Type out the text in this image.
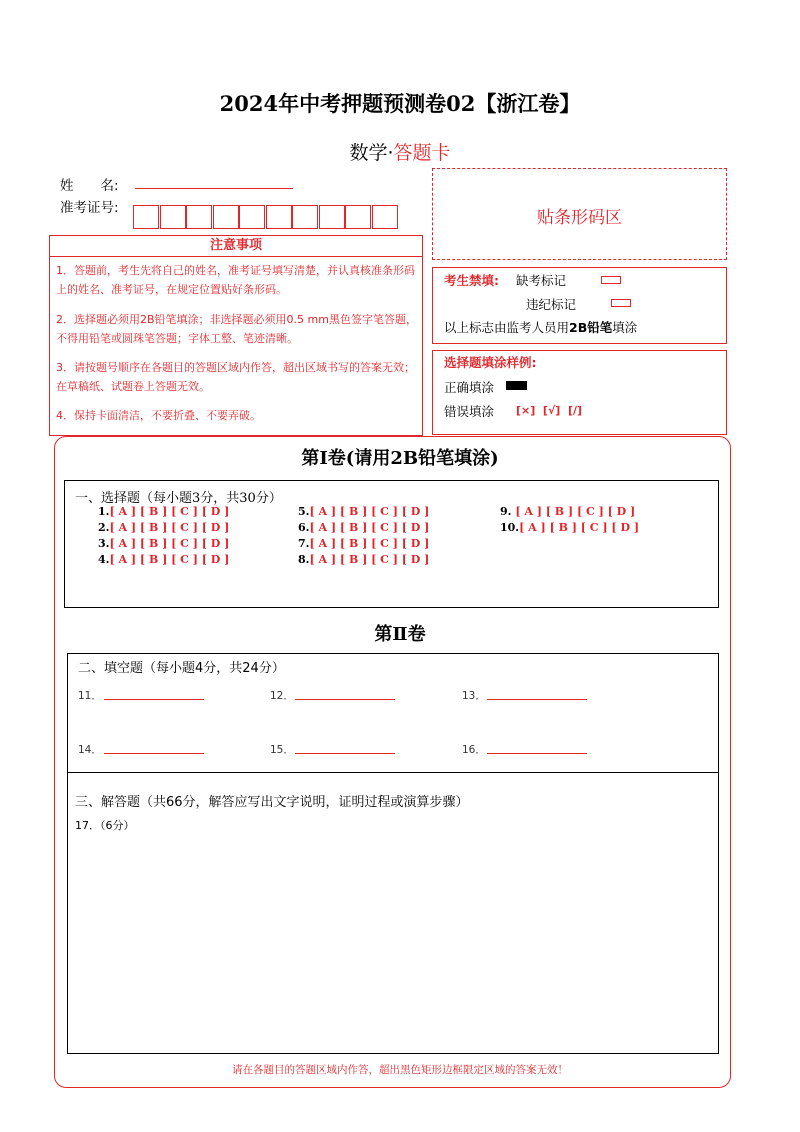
2024年中考押题预测卷02【浙江卷】
数学·答题卡
姓　　名:
准考证号:	贴条形码区
注意事项
1．答题前，考生先将自己的姓名，准考证号填写清楚，并认真核准条形码上的姓名、准考证号，在规定位置贴好条形码。
2．选择题必须用2B铅笔填涂；非选择题必须用0.5 mm黑色签字笔答题，不得用铅笔或圆珠笔答题；字体工整、笔迹清晰。
3．请按题号顺序在各题目的答题区域内作答，超出区域书写的答案无效；在草稿纸、试题卷上答题无效。
4．保持卡面清洁，不要折叠、不要弄破。
考生禁填: 缺考标记
违纪标记
以上标志由监考人员用2B铅笔填涂
选择题填涂样例:
正确填涂
错误填涂 [×]  [√]  [/]
第Ⅰ卷(请用2B铅笔填涂)
一、选择题（每小题3分，共30分）
1.[ A ] [ B ] [ C ] [ D ]
2.[ A ] [ B ] [ C ] [ D ]
3.[ A ] [ B ] [ C ] [ D ]
4.[ A ] [ B ] [ C ] [ D ]
5.[ A ] [ B ] [ C ] [ D ]
6.[ A ] [ B ] [ C ] [ D ]
7.[ A ] [ B ] [ C ] [ D ]
8.[ A ] [ B ] [ C ] [ D ]
9. [ A ] [ B ] [ C ] [ D ]
10.[ A ] [ B ] [ C ] [ D ]
第Ⅱ卷
二、填空题（每小题4分，共24分）
11．	12．	13．
14．	15．	16．
三、解答题（共66分，解答应写出文字说明，证明过程或演算步骤）
17．（6分）
请在各题目的答题区域内作答，超出黑色矩形边框限定区域的答案无效！
